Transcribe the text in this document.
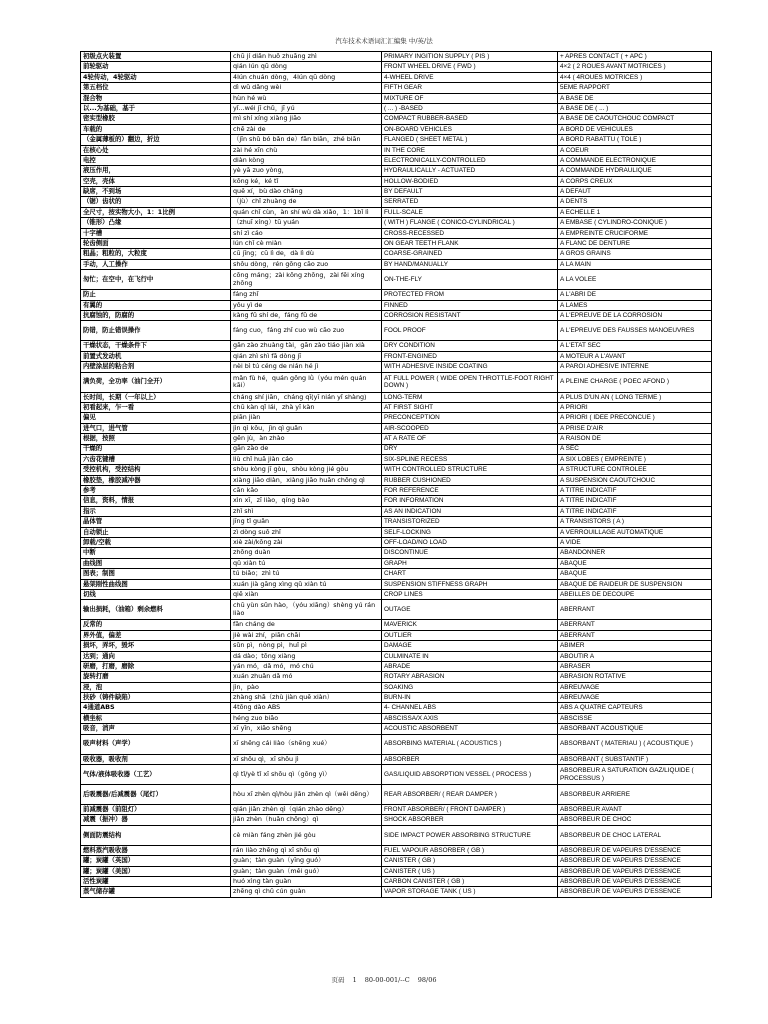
汽车技术术语词汇汇编集 中/英/法
初级点火装置	chū jí diǎn huǒ zhuāng zhì	PRIMARY INGITION SUPPLY ( PIS )	+ APRES CONTACT ( + APC )
前轮驱动	qián lún qū dòng	FRONT WHEEL DRIVE ( FWD )	4×2 ( 2 ROUES AVANT MOTRICES )
4轮传动，4轮驱动	4lún chuán dòng，4lún qū dòng	4-WHEEL DRIVE	4×4 ( 4ROUES MOTRICES )
第五档位	dì wǔ dǎng wèi	FIFTH GEAR	5EME RAPPORT
混合物	hùn hé wù	MIXTURE OF	A BASE DE
以...为基础，基于	yǐ...wéi jī chǔ，jī yú	( ... ) -BASED	A BASE DE ( ... )
密实型橡胶	mì shí xíng xiàng jiāo	COMPACT RUBBER-BASED	A BASE DE CAOUTCHOUC COMPACT
车载的	chē zài de	ON-BOARD VEHICLES	A BORD DE VEHICULES
（金属薄板的）翻边，折边	（jīn shǔ bó bǎn de）fān biān，zhé biān	FLANGED ( SHEET METAL )	A BORD RABATTU ( TOLE )
在核心处	zài hé xīn chù	IN THE CORE	A COEUR
电控	diàn kòng	ELECTRONICALLY-CONTROLLED	A COMMANDE ELECTRONIQUE
液压作用，	yè yā zuo yòng，	HYDRAULICALLY - ACTUATED	A COMMANDE HYDRAULIQUE
空壳，壳体	kōng ké，ké tǐ	HOLLOW-BODIED	A CORPS CREUX
缺席，不到场	quē xí，bù dào chǎng	BY DEFAULT	A DEFAUT
（锯）齿状的	（jù）chǐ zhuàng de	SERRATED	A DENTS
全尺寸，按实物大小，1：1比例	quán chǐ cùn，àn shí wù dà xiǎo，1：1bǐ lì	FULL-SCALE	A ECHELLE 1
（锥形）凸缘	（zhuī xíng）tū yuán	( WITH ) FLANGE ( CONICO-CYLINDRICAL )	A EMBASE ( CYLINDRO-CONIQUE )
十字槽	shí zì cáo	CROSS-RECESSED	A EMPREINTE CRUCIFORME
轮齿侧面	lún chǐ cè miàn	ON GEAR TEETH FLANK	A FLANC DE DENTURE
粗晶；粗粒的，大粒度	cū jīng；cū lì de，dà lì dù	COARSE-GRAINED	A GROS GRAINS
手动，人工操作	shǒu dòng，rén gōng cāo zuo	BY HAND/MANUALLY	A LA MAIN
匆忙；在空中，在飞行中	cōng máng；zài kōng zhōng，zài fēi xíng zhōng	ON-THE-FLY	A LA VOLEE
防止	fáng zhǐ	PROTECTED FROM	A L'ABRI DE
有翼的	yǒu yì de	FINNED	A LAMES
抗腐蚀的，防腐的	kàng fǔ shí de，fáng fǔ de	CORROSION RESISTANT	A L'EPREUVE DE LA CORROSION
防错，防止错误操作	fáng cuo，fáng zhǐ cuo wù cāo zuo	FOOL PROOF	A L'EPREUVE DES FAUSSES MANOEUVRES
干燥状态，干燥条件下	gān zào zhuàng tài，gān zào tiáo jiàn xià	DRY CONDITION	A L'ETAT SEC
前置式发动机	qián zhì shì fā dòng jī	FRONT-ENGINED	A MOTEUR A L'AVANT
内壁涂层的粘合剂	nèi bì tú céng de nián hé jì	WITH ADHESIVE INSIDE COATING	A PAROI ADHESIVE INTERNE
满负荷，全功率（油门全开）	mǎn fù hé，quán gōng lǜ（yóu mén quán kāi）	AT FULL POWER ( WIDE OPEN THROTTLE-FOOT RIGHT DOWN )	A PLEINE CHARGE ( POEC AFOND )
长时间，长期（一年以上）	cháng shí jiān，cháng qī(yī nián yǐ shàng)	LONG-TERM	A PLUS D'UN AN ( LONG TERME )
初看起来，乍一看	chū kàn qǐ lái，zhà yī kàn	AT FIRST SIGHT	A PRIORI
偏见	piān jiàn	PRECONCEPTION	A PRIORI ( IDEE PRECONCUE )
进气口，进气管	jìn qì kǒu，jìn qì guǎn	AIR-SCOOPED	A PRISE D'AIR
根据，按照	gēn jù，àn zhào	AT A RATE OF	A RAISON DE
干燥的	gān zào de	DRY	A SEC
六齿花键槽	liù chǐ huā jiàn cáo	SIX-SPLINE RECESS	A SIX LOBES ( EMPREINTE )
受控机构，受控结构	shòu kòng jī gòu，shòu kòng jié gòu	WITH CONTROLLED STRUCTURE	A STRUCTURE CONTROLEE
橡胶垫，橡胶减冲器	xiàng jiāo diàn，xiàng jiāo huǎn chōng qì	RUBBER CUSHIONED	A SUSPENSION CAOUTCHOUC
参考	cān kǎo	FOR REFERENCE	A TITRE INDICATIF
信息，资料，情报	xìn xī，zī liào，qíng bào	FOR INFORMATION	A TITRE INDICATIF
指示	zhǐ shì	AS AN INDICATION	A TITRE INDICATIF
晶体管	jīng tǐ guǎn	TRANSISTORIZED	A TRANSISTORS ( A )
自动锁止	zì dòng suǒ zhǐ	SELF-LOCKING	A VERROUILLAGE AUTOMATIQUE
卸载/空载	xiè zài/kōng zài	OFF-LOAD/NO LOAD	A VIDE
中断	zhōng duàn	DISCONTINUE	ABANDONNER
曲线图	qǔ xiàn tú	GRAPH	ABAQUE
图表；制图	tú biǎo；zhì tú	CHART	ABAQUE
悬架刚性曲线图	xuán jià gāng xìng qǔ xiàn tú	SUSPENSION STIFFNESS GRAPH	ABAQUE DE RAIDEUR DE SUSPENSION
切线	qiē xiàn	CROP LINES	ABEILLES DE DECOUPE
输出损耗，（油箱）剩余燃料	chū yùn sǔn hào，（yóu xiāng）shèng yú rán liào	OUTAGE	ABERRANT
反常的	fǎn cháng de	MAVERICK	ABERRANT
界外值，偏差	jiè wài zhí，piān chāi	OUTLIER	ABERRANT
损坏，弄坏，毁坏	sǔn pì，nòng pì，huǐ pì	DAMAGE	ABIMER
达到；通向	dá dào；tōng xiàng	CULMINATE IN	ABOUTIR A
研磨，打磨，磨除	yán mó，dǎ mó，mó chú	ABRADE	ABRASER
旋转打磨	xuán zhuǎn dǎ mó	ROTARY ABRASION	ABRASION ROTATIVE
浸，泡	jìn，pào	SOAKING	ABREUVAGE
扶砂（铸件缺陷）	zhàng shā（zhù jiàn quē xiàn）	BURN-IN	ABREUVAGE
4通道ABS	4tōng dào ABS	4- CHANNEL ABS	ABS A QUATRE CAPTEURS
横坐标	héng zuo biāo	ABSCISSA/X AXIS	ABSCISSE
吸音，消声	xī yīn，xiāo shēng	ACOUSTIC ABSORBENT	ABSORBANT ACOUSTIQUE
吸声材料（声学）	xī shēng cái liào（shēng xué）	ABSORBING MATERIAL ( ACOUSTICS )	ABSORBANT ( MATERIAU ) ( ACOUSTIQUE )
吸收器，吸收剂	xī shōu qì，xī shōu jì	ABSORBER	ABSORBANT ( SUBSTANTIF )
气体/液体吸收器（工艺）	qì tǐ/yè tǐ xī shōu qì（gōng yì）	GAS/LIQUID ABSORPTION VESSEL ( PROCESS )	ABSORBEUR A SATURATION GAZ/LIQUIDE ( PROCESSUS )
后吸震器/后减震器（尾灯）	hòu xī zhèn qì/hòu jiǎn zhèn qì（wěi dēng）	REAR ABSORBER/ ( REAR DAMPER )	ABSORBEUR ARRIERE
前减震器（前阻灯）	qián jiǎn zhèn qì（qián zhào dēng）	FRONT ABSORBER/ ( FRONT DAMPER )	ABSORBEUR AVANT
减震（振冲）器	jiǎn zhèn（huǎn chōng）qì	SHOCK ABSORBER	ABSORBEUR DE CHOC
侧面防震结构	cè miàn fáng zhèn jié gòu	SIDE IMPACT POWER ABSORBING STRUCTURE	ABSORBEUR DE CHOC LATERAL
燃料蒸汽吸收器	rán liào zhēng qì xī shōu qì	FUEL VAPOUR ABSORBER ( GB )	ABSORBEUR DE VAPEURS D'ESSENCE
罐；炭罐（英国）	guàn；tàn guàn（yīng guó）	CANISTER ( GB )	ABSORBEUR DE VAPEURS D'ESSENCE
罐；炭罐（美国）	guàn；tàn guàn（měi guó）	CANISTER ( US )	ABSORBEUR DE VAPEURS D'ESSENCE
活性炭罐	huó xìng tàn guàn	CARBON CANISTER ( GB )	ABSORBEUR DE VAPEURS D'ESSENCE
蒸气储存罐	zhēng qì chǔ cún guàn	VAPOR STORAGE TANK ( US )	ABSORBEUR DE VAPEURS D'ESSENCE
页码 1 80-00-001/--C 98/06
